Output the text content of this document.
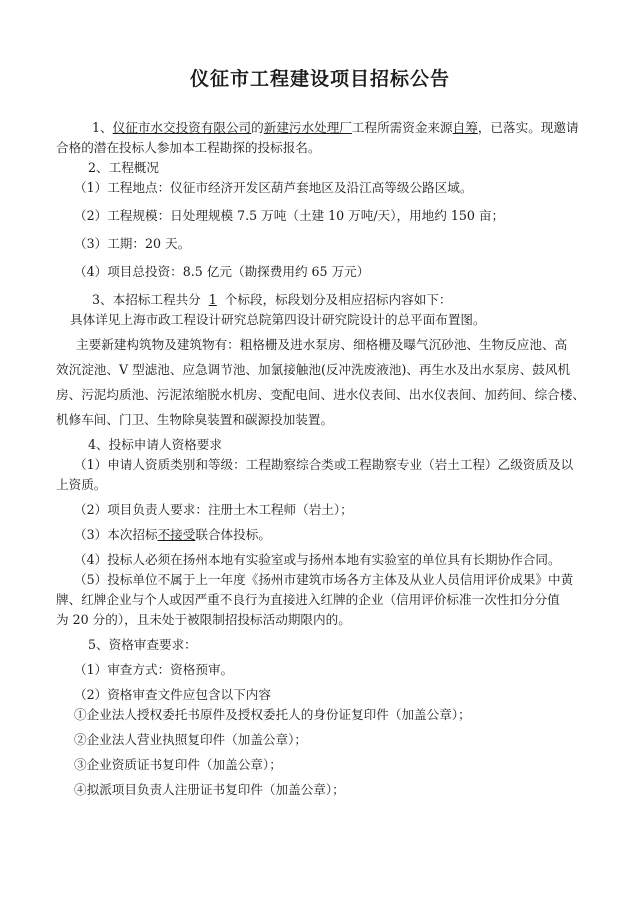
仪征市工程建设项目招标公告

1、仪征市水交投资有限公司的新建污水处理厂工程所需资金来源自筹，已落实。现邀请

合格的潜在投标人参加本工程勘探的投标报名。

2、工程概况

（1）工程地点：仪征市经济开发区葫芦套地区及沿江高等级公路区域。

（2）工程规模：日处理规模 7.5 万吨（土建 10 万吨/天），用地约 150 亩；

（3）工期：20 天。

（4）项目总投资：8.5 亿元（勘探费用约 65 万元）

3、本招标工程共分 1 个标段，标段划分及相应招标内容如下：

具体详见上海市政工程设计研究总院第四设计研究院设计的总平面布置图。

主要新建构筑物及建筑物有：粗格栅及进水泵房、细格栅及曝气沉砂池、生物反应池、高

效沉淀池、V 型滤池、应急调节池、加氯接触池(反冲洗废液池)、再生水及出水泵房、鼓风机

房、污泥均质池、污泥浓缩脱水机房、变配电间、进水仪表间、出水仪表间、加药间、综合楼、

机修车间、门卫、生物除臭装置和碳源投加装置。

4、投标申请人资格要求

（1）申请人资质类别和等级：工程勘察综合类或工程勘察专业（岩土工程）乙级资质及以

上资质。

（2）项目负责人要求：注册土木工程师（岩土）；

（3）本次招标不接受联合体投标。

（4）投标人必须在扬州本地有实验室或与扬州本地有实验室的单位具有长期协作合同。

（5）投标单位不属于上一年度《扬州市建筑市场各方主体及从业人员信用评价成果》中黄

牌、红牌企业与个人或因严重不良行为直接进入红牌的企业（信用评价标准一次性扣分分值

为 20 分的），且未处于被限制招投标活动期限内的。

5、资格审查要求：

（1）审查方式：资格预审。

（2）资格审查文件应包含以下内容

①企业法人授权委托书原件及授权委托人的身份证复印件（加盖公章）；

②企业法人营业执照复印件（加盖公章）；

③企业资质证书复印件（加盖公章）；

④拟派项目负责人注册证书复印件（加盖公章）；
